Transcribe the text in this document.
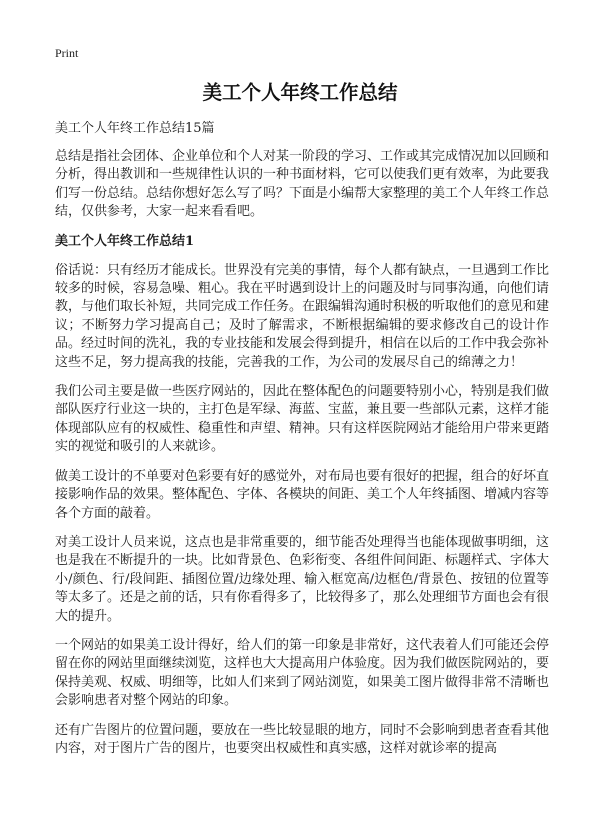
Print
美工个人年终工作总结

美工个人年终工作总结15篇

总结是指社会团体、企业单位和个人对某一阶段的学习、工作或其完成情况加以回顾和分析，得出教训和一些规律性认识的一种书面材料，它可以使我们更有效率，为此要我们写一份总结。总结你想好怎么写了吗？下面是小编帮大家整理的美工个人年终工作总结，仅供参考，大家一起来看看吧。

美工个人年终工作总结1

俗话说：只有经历才能成长。世界没有完美的事情，每个人都有缺点，一旦遇到工作比较多的时候，容易急噪、粗心。我在平时遇到设计上的问题及时与同事沟通，向他们请教，与他们取长补短，共同完成工作任务。在跟编辑沟通时积极的听取他们的意见和建议；不断努力学习提高自己；及时了解需求，不断根据编辑的要求修改自己的设计作品。经过时间的洗礼，我的专业技能和发展会得到提升，相信在以后的工作中我会弥补这些不足，努力提高我的技能，完善我的工作，为公司的发展尽自己的绵薄之力！

我们公司主要是做一些医疗网站的，因此在整体配色的问题要特别小心，特别是我们做部队医疗行业这一块的，主打色是军绿、海蓝、宝蓝，兼且要一些部队元素，这样才能体现部队应有的权威性、稳重性和声望、精神。只有这样医院网站才能给用户带来更踏实的视觉和吸引的人来就诊。

做美工设计的不单要对色彩要有好的感觉外，对布局也要有很好的把握，组合的好坏直接影响作品的效果。整体配色、字体、各模块的间距、美工个人年终插图、增减内容等各个方面的敲着。

对美工设计人员来说，这点也是非常重要的，细节能否处理得当也能体现做事明细，这也是我在不断提升的一块。比如背景色、色彩衔变、各组件间间距、标题样式、字体大小/颜色、行/段间距、插图位置/边缘处理、输入框宽高/边框色/背景色、按钮的位置等等太多了。还是之前的话，只有你看得多了，比较得多了，那么处理细节方面也会有很大的提升。

一个网站的如果美工设计得好，给人们的第一印象是非常好，这代表着人们可能还会停留在你的网站里面继续浏览，这样也大大提高用户体验度。因为我们做医院网站的，要保持美观、权威、明细等，比如人们来到了网站浏览，如果美工图片做得非常不清晰也会影响患者对整个网站的印象。

还有广告图片的位置问题，要放在一些比较显眼的地方，同时不会影响到患者查看其他内容，对于图片广告的图片，也要突出权威性和真实感，这样对就诊率的提高
